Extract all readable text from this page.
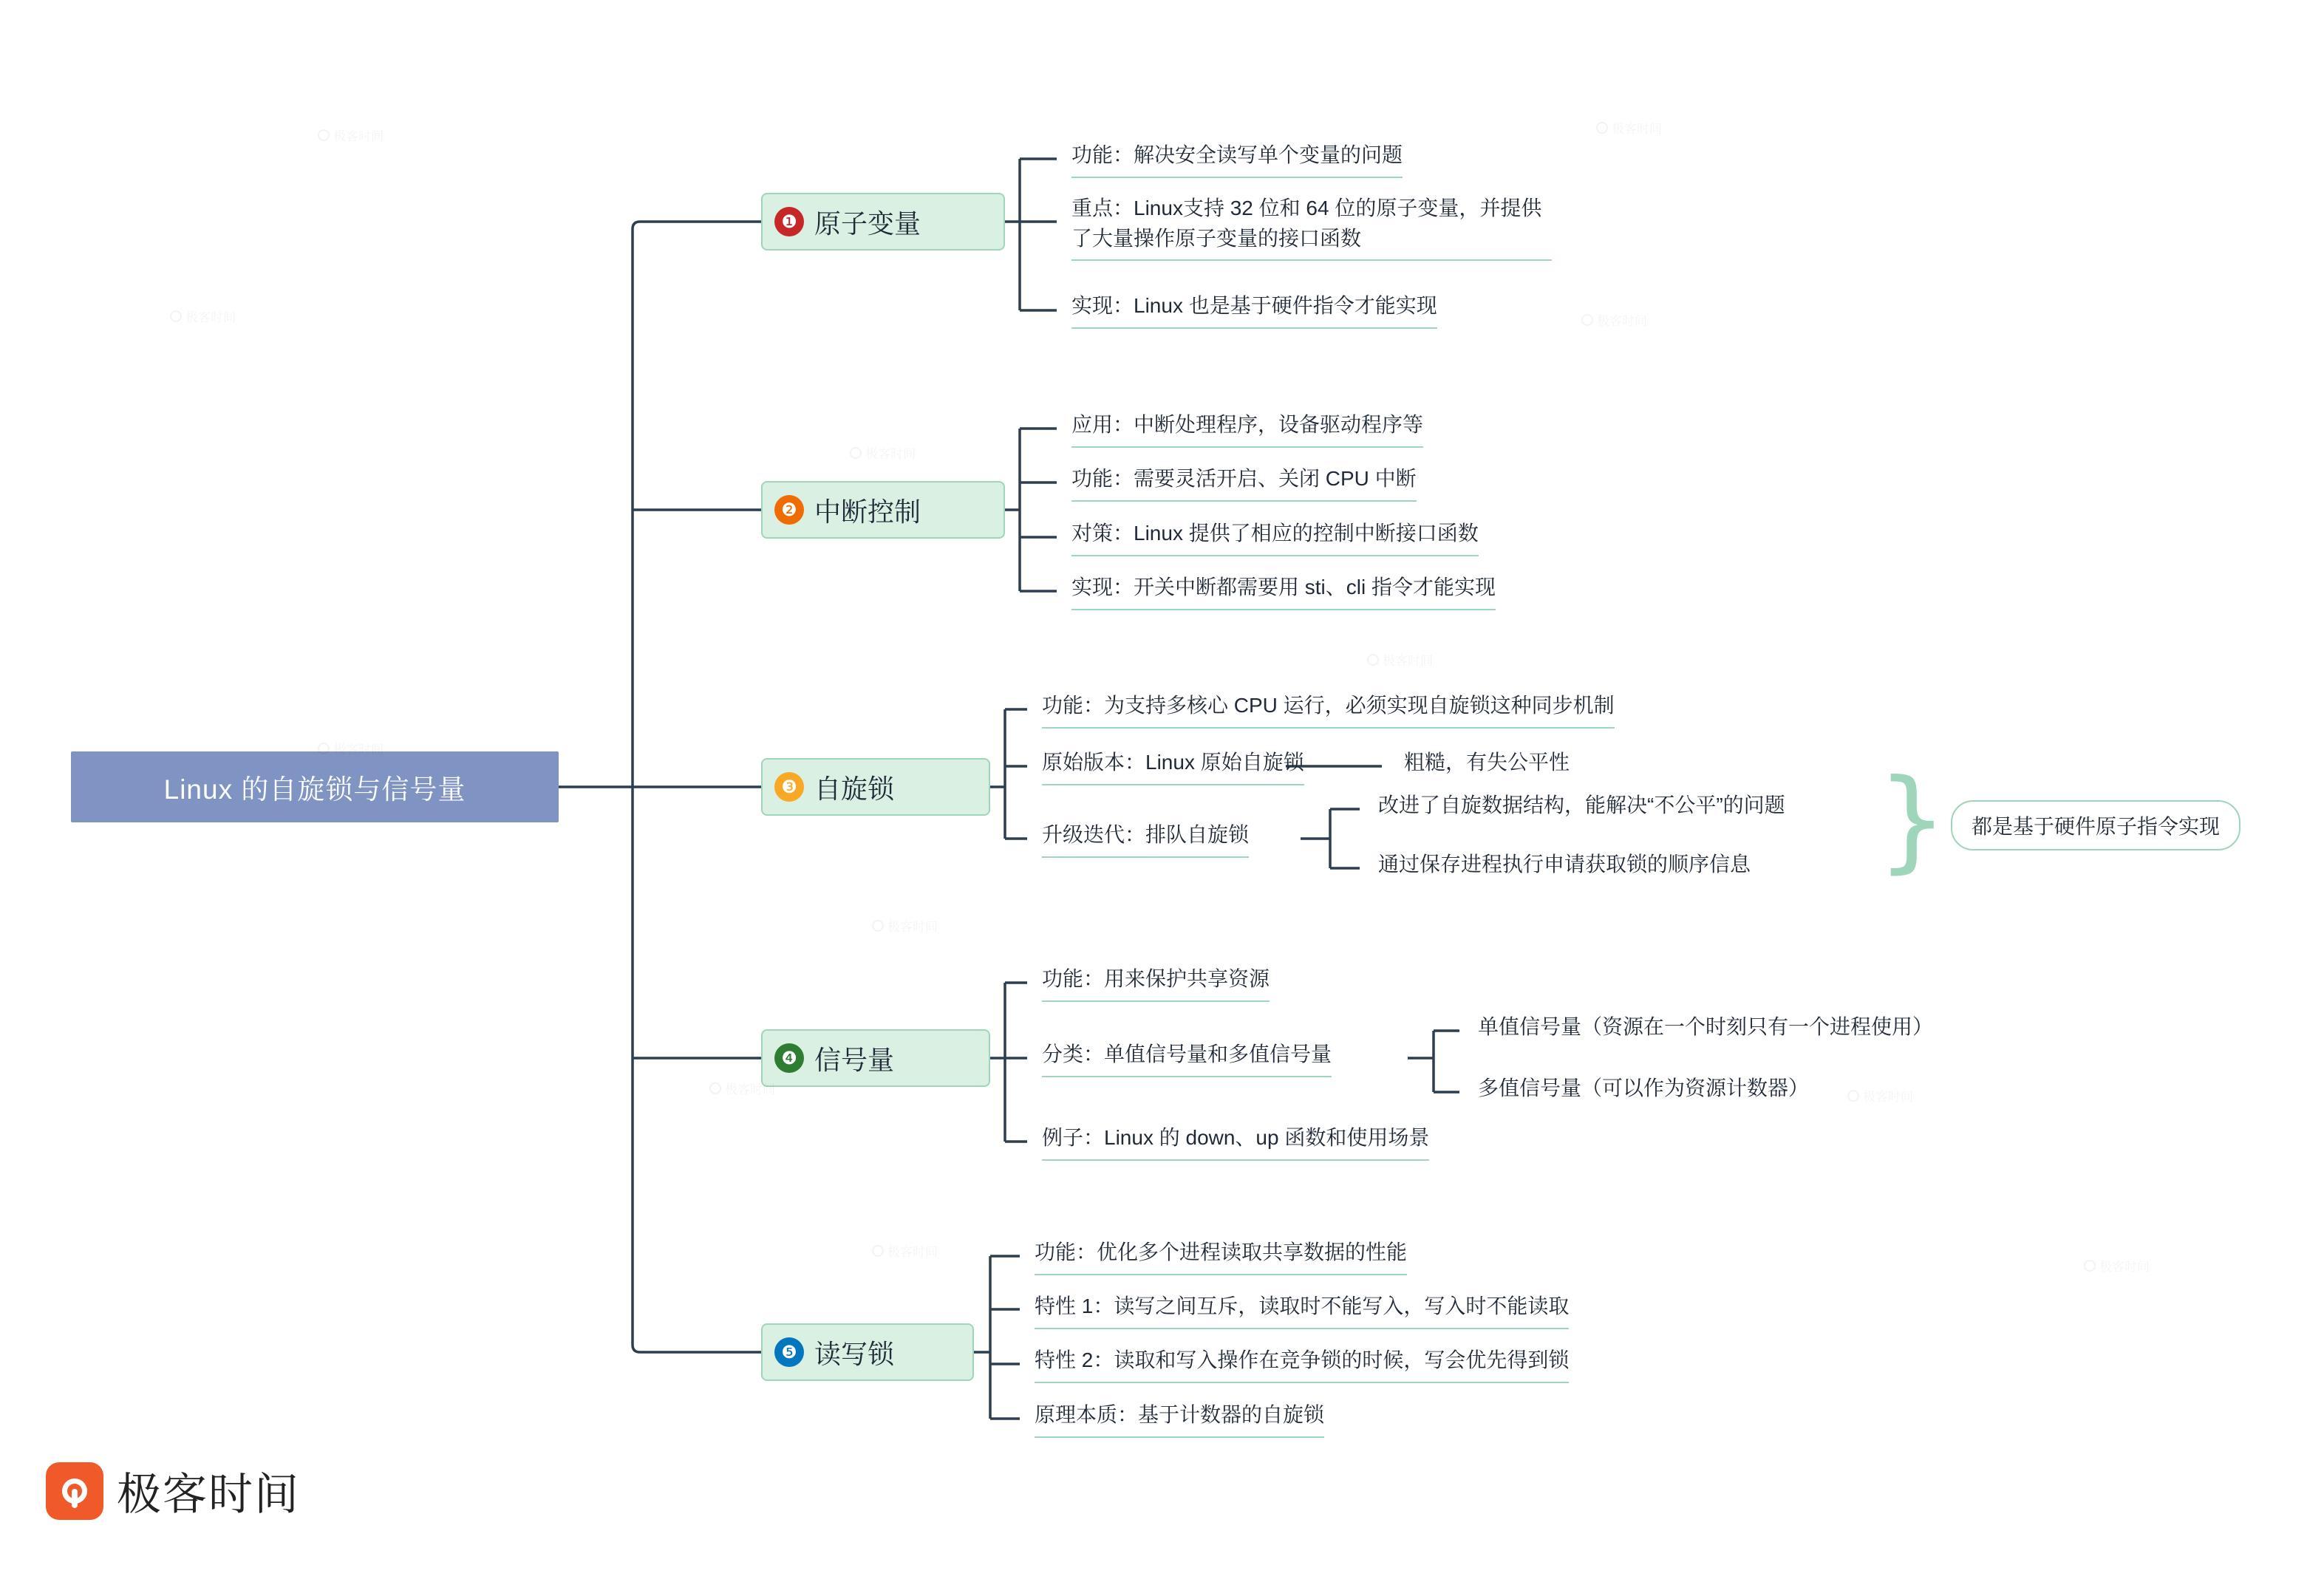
Linux 的自旋锁与信号量
❶ 原子变量
功能：解决安全读写单个变量的问题
重点：Linux支持 32 位和 64 位的原子变量，并提供了大量操作原子变量的接口函数
实现：Linux 也是基于硬件指令才能实现
❷ 中断控制
应用：中断处理程序，设备驱动程序等
功能：需要灵活开启、关闭 CPU 中断
对策：Linux 提供了相应的控制中断接口函数
实现：开关中断都需要用 sti、cli 指令才能实现
❸ 自旋锁
功能：为支持多核心 CPU 运行，必须实现自旋锁这种同步机制
原始版本：Linux 原始自旋锁
升级迭代：排队自旋锁
粗糙，有失公平性
改进了自旋数据结构，能解决“不公平”的问题
通过保存进程执行申请获取锁的顺序信息 }	都是基于硬件原子指令实现
❹ 信号量
功能：用来保护共享资源
分类：单值信号量和多值信号量
例子：Linux 的 down、up 函数和使用场景
单值信号量（资源在一个时刻只有一个进程使用）
多值信号量（可以作为资源计数器）
❺ 读写锁
功能：优化多个进程读取共享数据的性能
特性 1：读写之间互斥，读取时不能写入，写入时不能读取
特性 2：读取和写入操作在竞争锁的时候，写会优先得到锁
原理本质：基于计数器的自旋锁
极客时间
